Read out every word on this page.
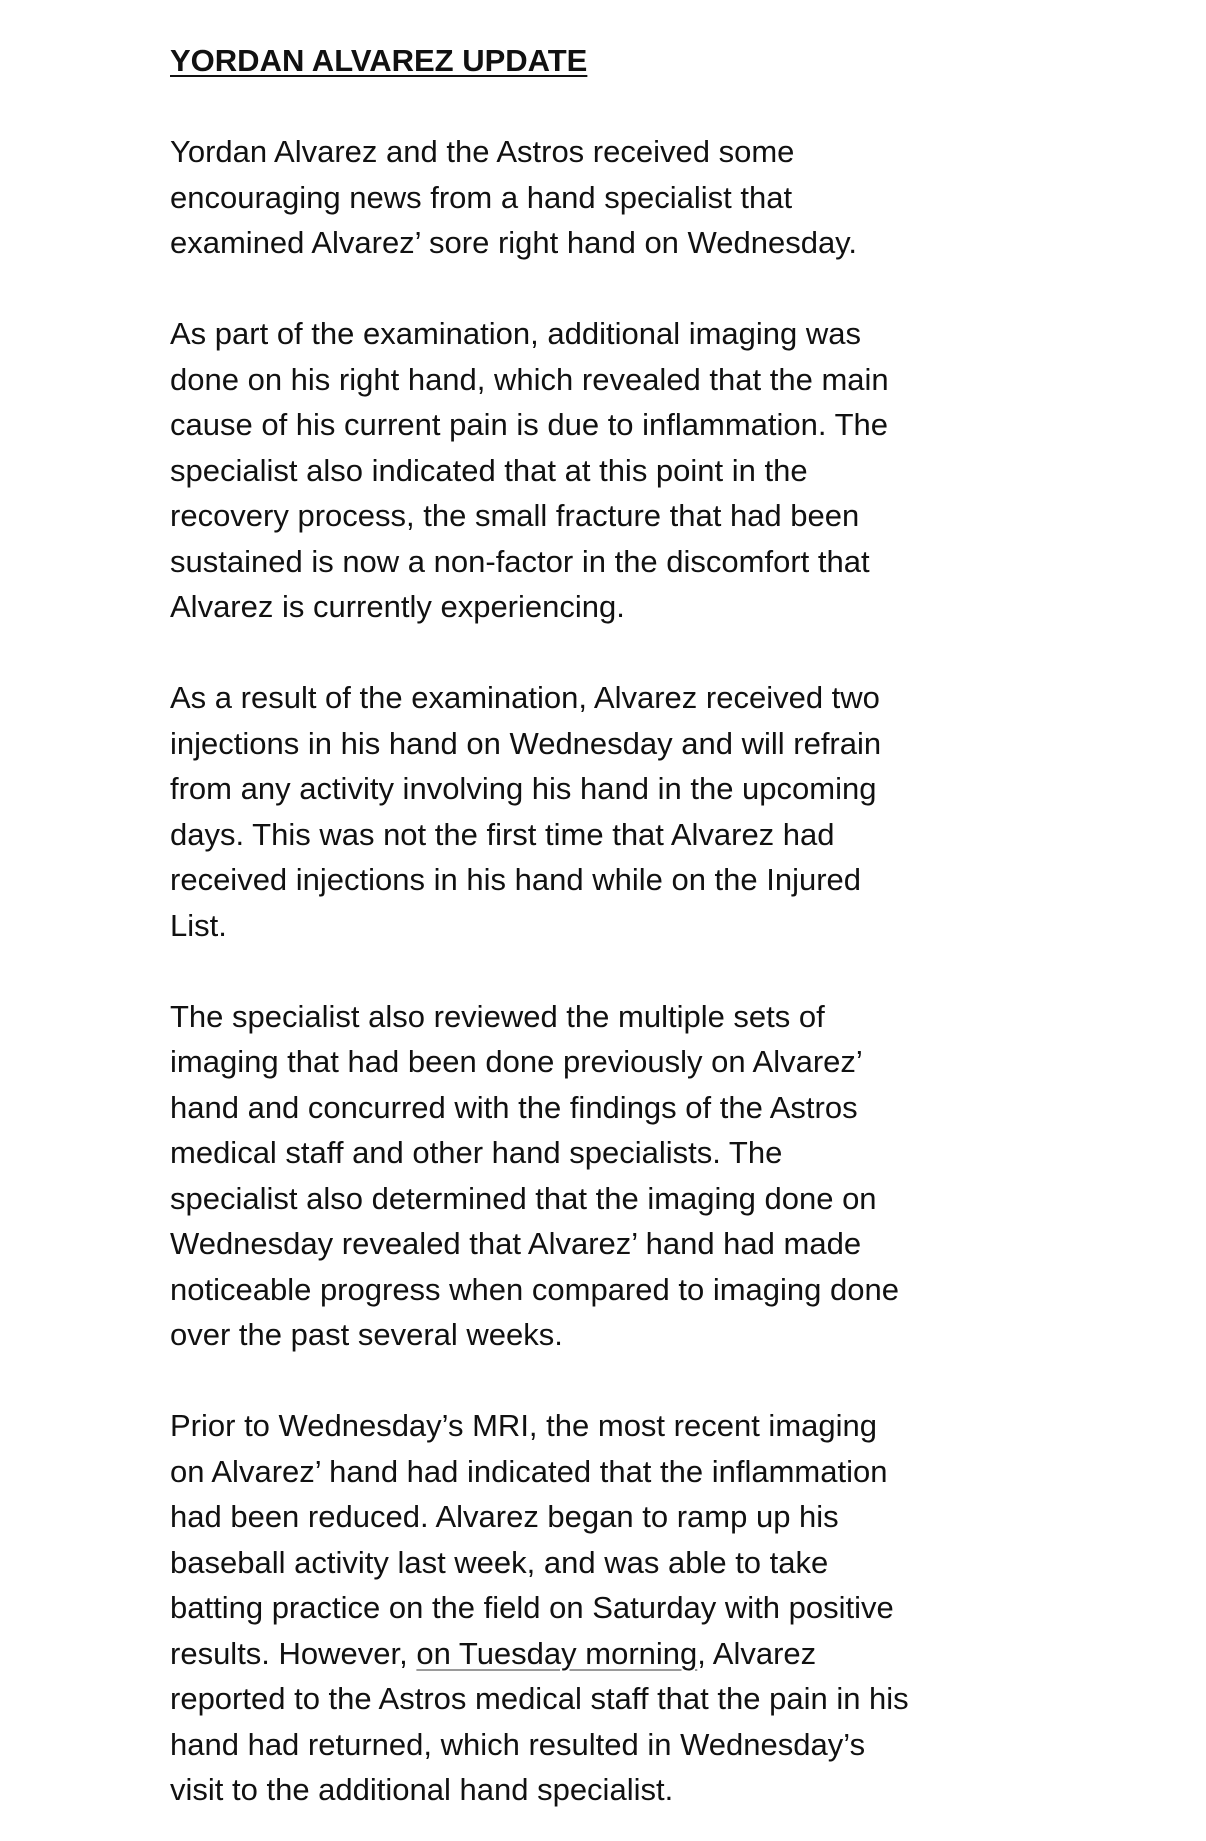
YORDAN ALVAREZ UPDATE

Yordan Alvarez and the Astros received some
encouraging news from a hand specialist that
examined Alvarez’ sore right hand on Wednesday.

As part of the examination, additional imaging was
done on his right hand, which revealed that the main
cause of his current pain is due to inflammation. The
specialist also indicated that at this point in the
recovery process, the small fracture that had been
sustained is now a non-factor in the discomfort that
Alvarez is currently experiencing.

As a result of the examination, Alvarez received two
injections in his hand on Wednesday and will refrain
from any activity involving his hand in the upcoming
days. This was not the first time that Alvarez had
received injections in his hand while on the Injured
List.

The specialist also reviewed the multiple sets of
imaging that had been done previously on Alvarez’
hand and concurred with the findings of the Astros
medical staff and other hand specialists. The
specialist also determined that the imaging done on
Wednesday revealed that Alvarez’ hand had made
noticeable progress when compared to imaging done
over the past several weeks.

Prior to Wednesday’s MRI, the most recent imaging
on Alvarez’ hand had indicated that the inflammation
had been reduced. Alvarez began to ramp up his
baseball activity last week, and was able to take
batting practice on the field on Saturday with positive
results. However, on Tuesday morning, Alvarez
reported to the Astros medical staff that the pain in his
hand had returned, which resulted in Wednesday’s
visit to the additional hand specialist.
